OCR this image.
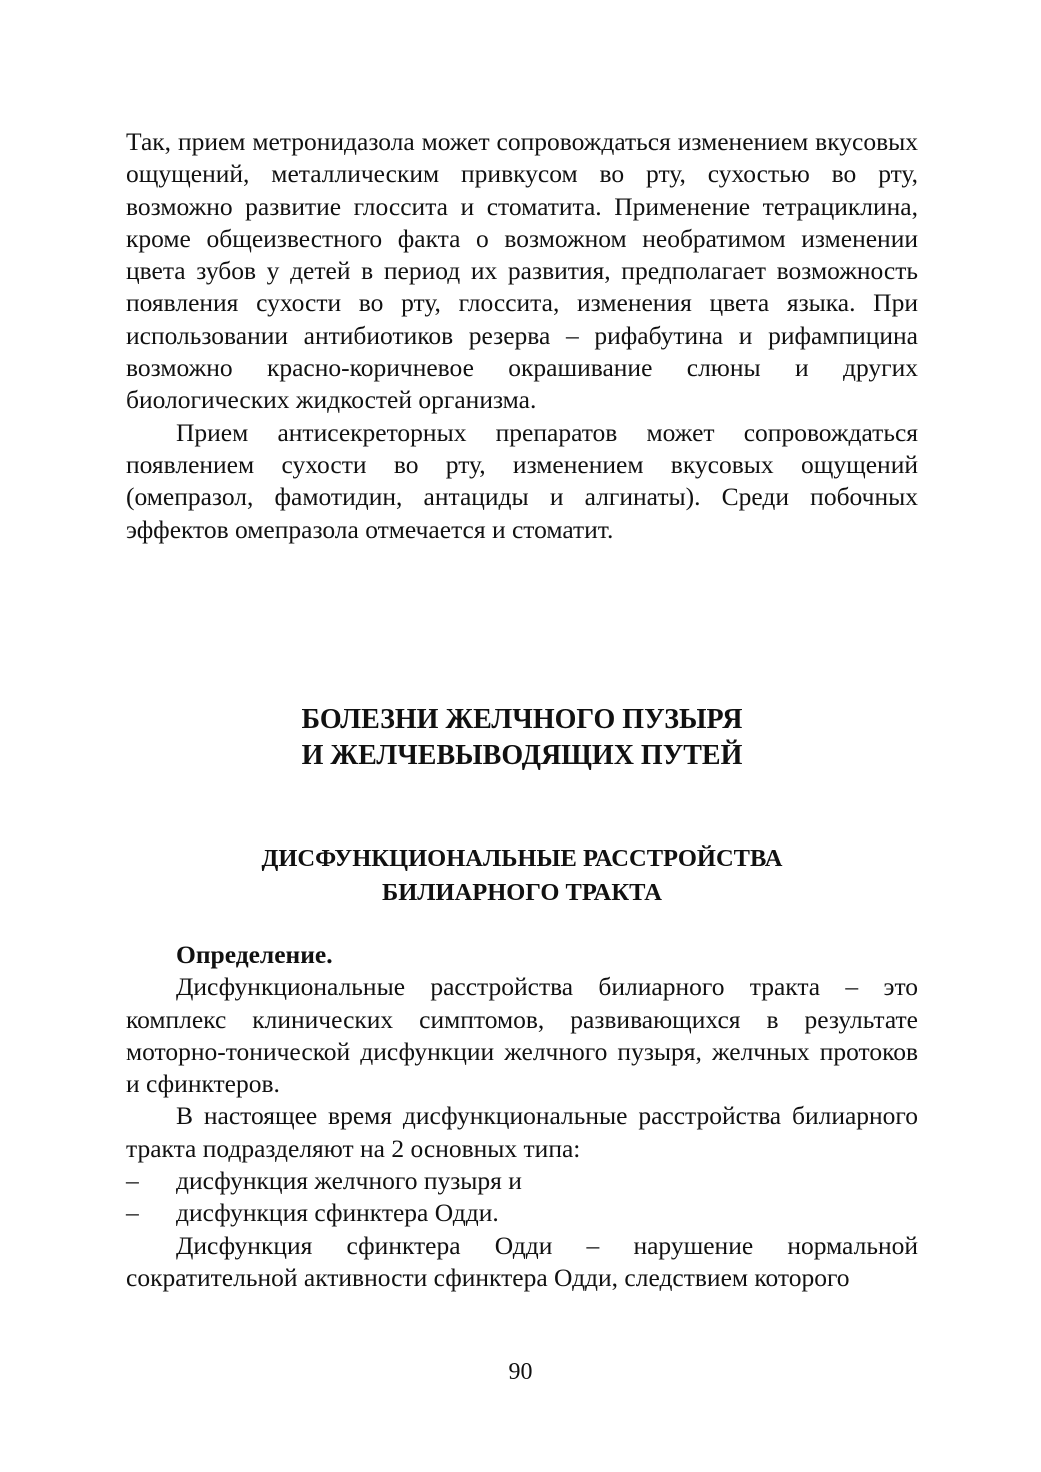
Так, прием метронидазола может сопровождаться изменением вкусовых ощущений, металлическим привкусом во рту, сухостью во рту, возможно развитие глоссита и стоматита. Применение тетрациклина, кроме общеизвестного факта о возможном необратимом изменении цвета зубов у детей в период их развития, предполагает возможность появления сухости во рту, глоссита, изменения цвета языка. При использовании антибиотиков резерва – рифабутина и рифампицина возможно красно-коричневое окрашивание слюны и других биологических жидкостей организма.

Прием антисекреторных препаратов может сопровождаться появлением сухости во рту, изменением вкусовых ощущений (омепразол, фамотидин, антациды и алгинаты). Среди побочных эффектов омепразола отмечается и стоматит.

БОЛЕЗНИ ЖЕЛЧНОГО ПУЗЫРЯ
И ЖЕЛЧЕВЫВОДЯЩИХ ПУТЕЙ
ДИСФУНКЦИОНАЛЬНЫЕ РАССТРОЙСТВА
БИЛИАРНОГО ТРАКТА

Определение.

Дисфункциональные расстройства билиарного тракта – это комплекс клинических симптомов, развивающихся в результате моторно-тонической дисфункции желчного пузыря, желчных протоков и сфинктеров.

В настоящее время дисфункциональные расстройства билиарного тракта подразделяют на 2 основных типа:

–	дисфункция желчного пузыря и
–	дисфункция сфинктера Одди.

Дисфункция сфинктера Одди – нарушение нормальной сократительной активности сфинктера Одди, следствием которого

90
